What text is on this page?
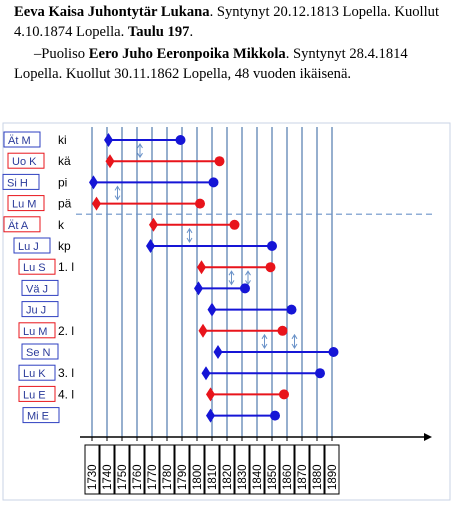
Eeva Kaisa Juhontytär Lukana. Syntynyt 20.12.1813 Lopella. Kuollut 4.10.1874 Lopella. Taulu 197.

–Puoliso Eero Juho Eeronpoika Mikkola. Syntynyt 28.4.1814 Lopella. Kuollut 30.11.1862 Lopella, 48 vuoden ikäisenä.

Ät M ki
Uo K kä
Si H	pi
Lu M pä
Ät A k
Lu J kp
Lu S 1. l
Vä J
Ju J
Lu M 2. l
Se N
Lu K 3. l
Lu E 4. l
Mi E
1730 1740 1750 1760 1770 1780 1790 1800 1810 1820 1830 1840 1850 1860 1870 1880 1890
